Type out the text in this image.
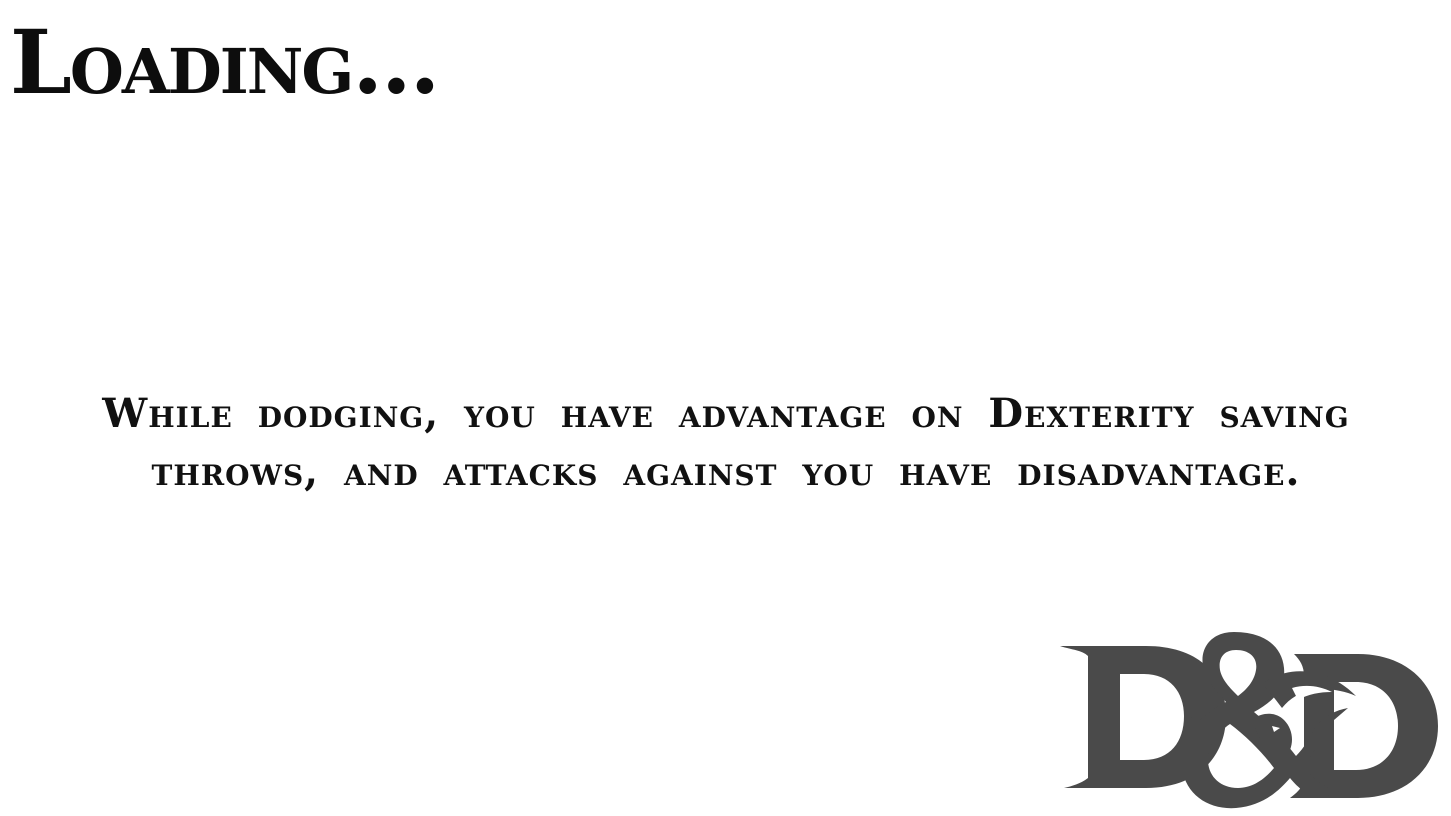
Loading...

While dodging, you have advantage on Dexterity saving throws, and attacks against you have disadvantage.
